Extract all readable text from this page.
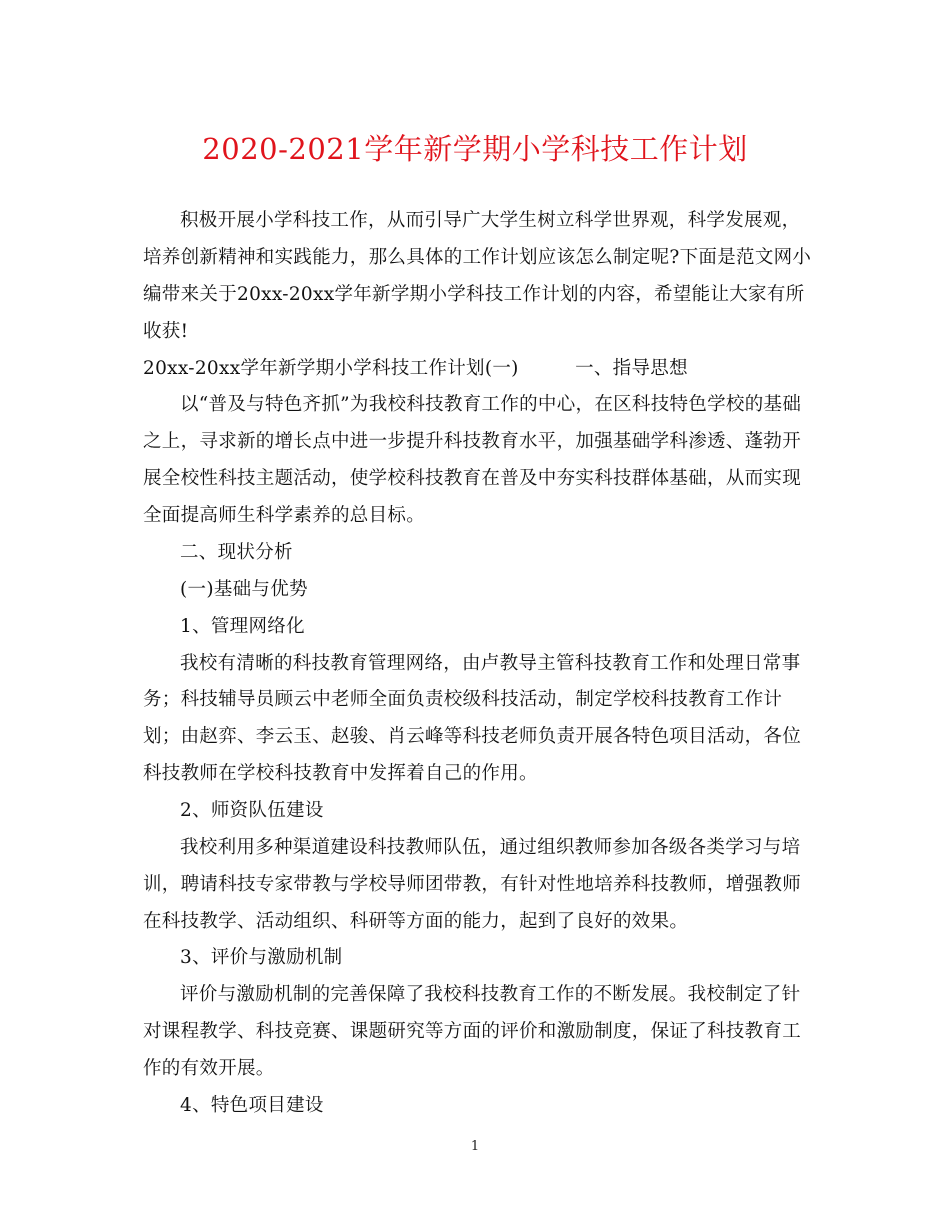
2020-2021学年新学期小学科技工作计划
积极开展小学科技工作，从而引导广大学生树立科学世界观，科学发展观，
培养创新精神和实践能力，那么具体的工作计划应该怎么制定呢?下面是范文网小
编带来关于20xx-20xx学年新学期小学科技工作计划的内容，希望能让大家有所
收获!
20xx-20xx学年新学期小学科技工作计划(一)　　　一、指导思想
以“普及与特色齐抓”为我校科技教育工作的中心，在区科技特色学校的基础
之上，寻求新的增长点中进一步提升科技教育水平，加强基础学科渗透、蓬勃开
展全校性科技主题活动，使学校科技教育在普及中夯实科技群体基础，从而实现
全面提高师生科学素养的总目标。
二、现状分析
(一)基础与优势
1、管理网络化
我校有清晰的科技教育管理网络，由卢教导主管科技教育工作和处理日常事
务；科技辅导员顾云中老师全面负责校级科技活动，制定学校科技教育工作计
划；由赵弈、李云玉、赵骏、肖云峰等科技老师负责开展各特色项目活动，各位
科技教师在学校科技教育中发挥着自己的作用。
2、师资队伍建设
我校利用多种渠道建设科技教师队伍，通过组织教师参加各级各类学习与培
训，聘请科技专家带教与学校导师团带教，有针对性地培养科技教师，增强教师
在科技教学、活动组织、科研等方面的能力，起到了良好的效果。
3、评价与激励机制
评价与激励机制的完善保障了我校科技教育工作的不断发展。我校制定了针
对课程教学、科技竞赛、课题研究等方面的评价和激励制度，保证了科技教育工
作的有效开展。
4、特色项目建设
1
